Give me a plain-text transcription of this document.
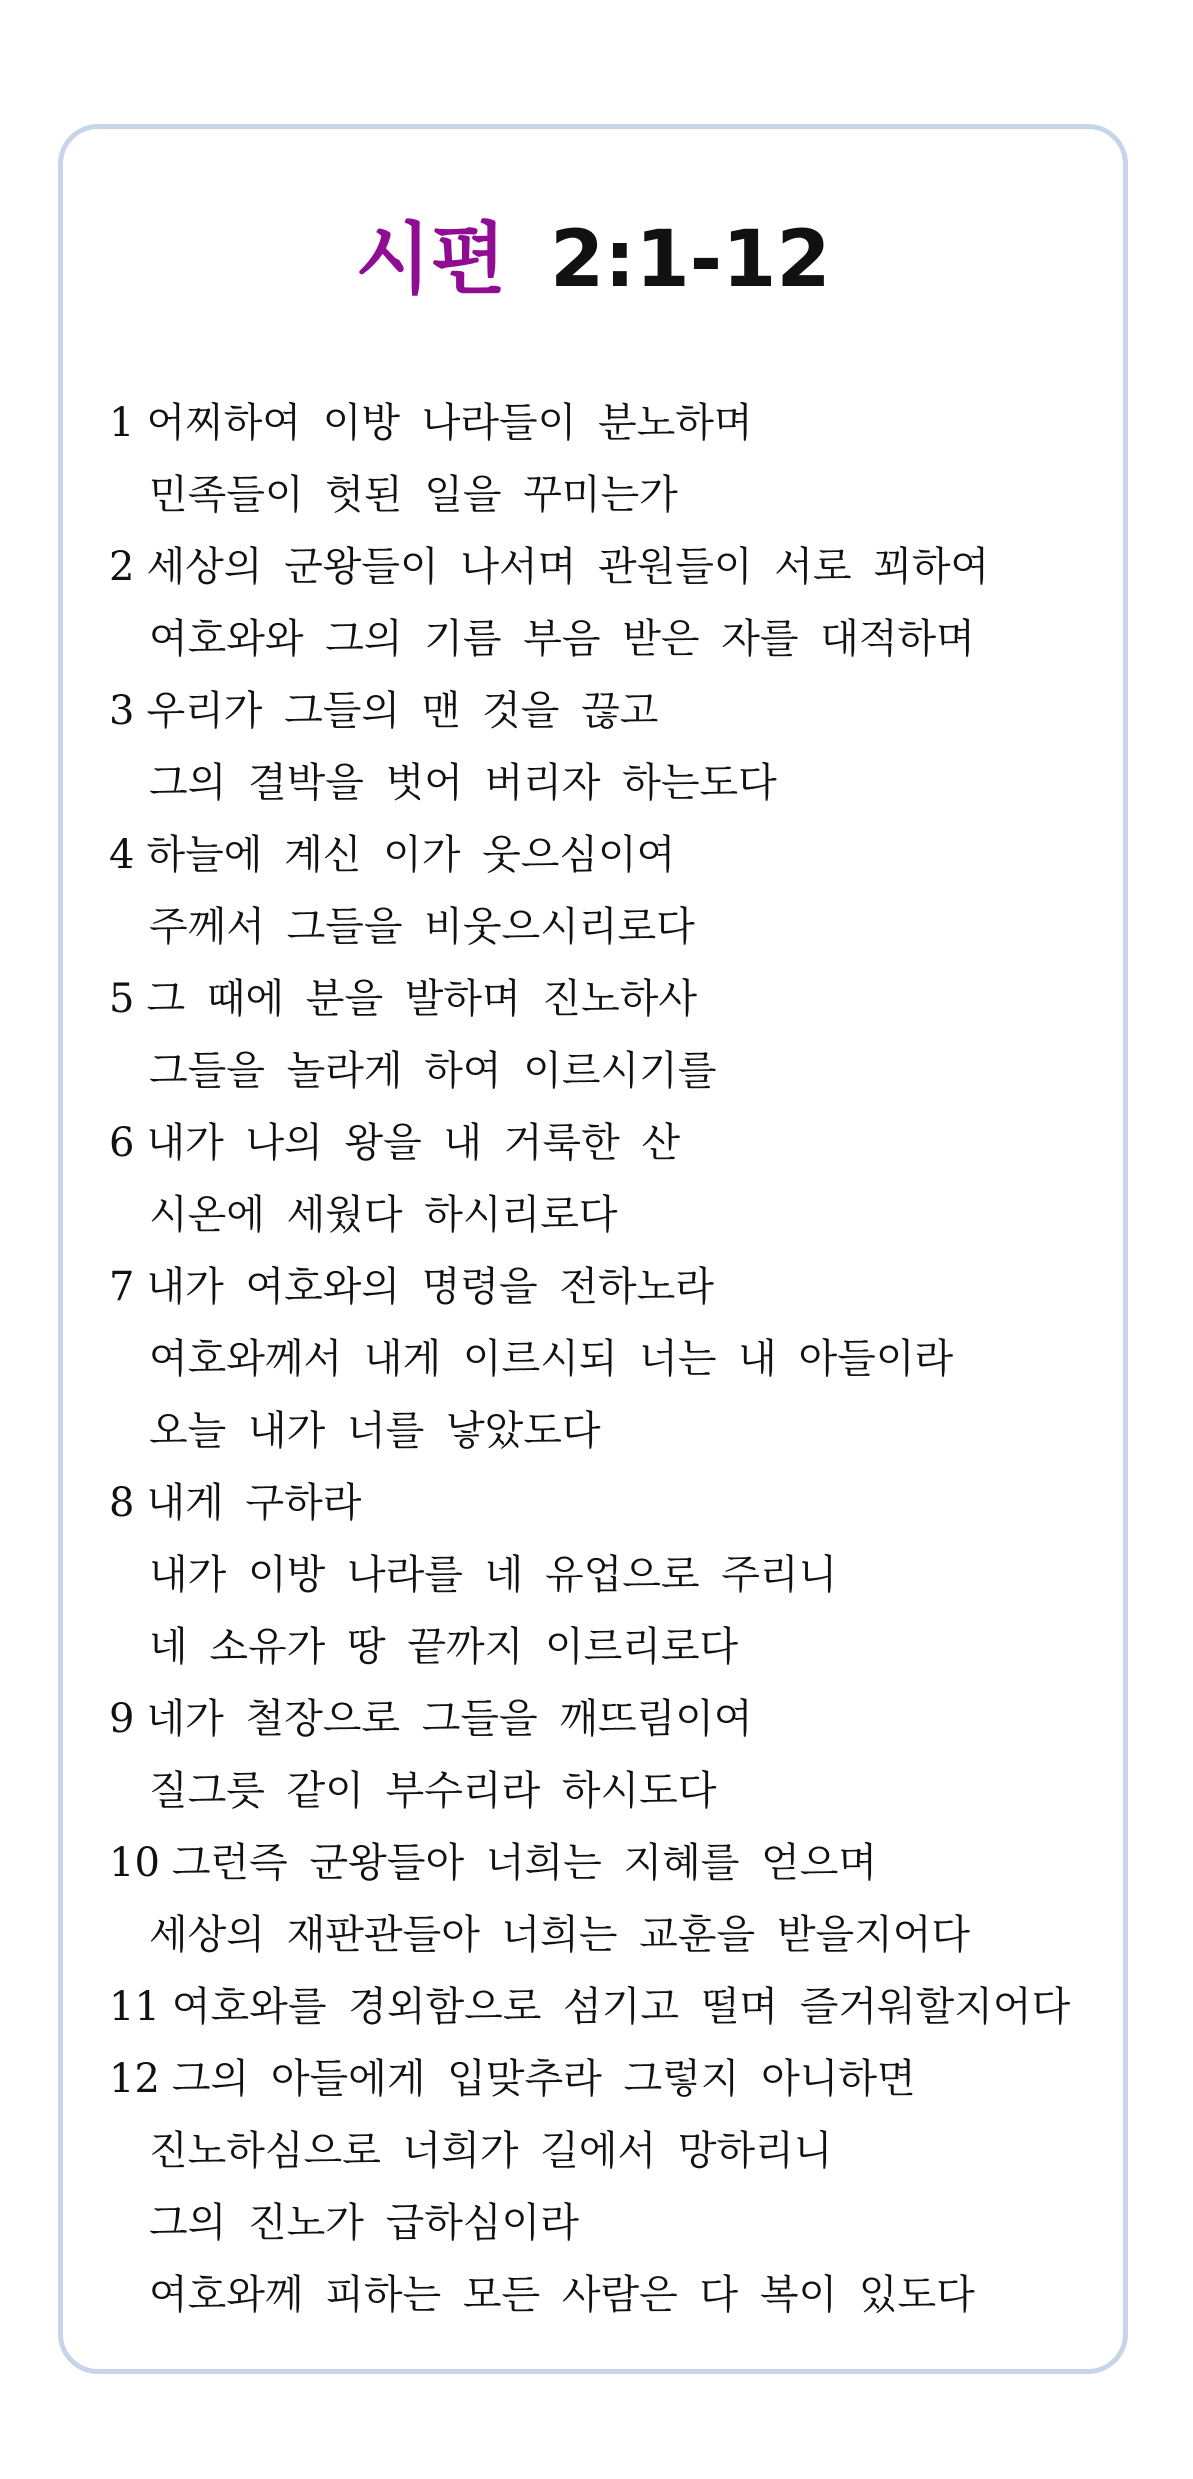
시편 2:1-12
1 어찌하여 이방 나라들이 분노하며
민족들이 헛된 일을 꾸미는가
2 세상의 군왕들이 나서며 관원들이 서로 꾀하여
여호와와 그의 기름 부음 받은 자를 대적하며
3 우리가 그들의 맨 것을 끊고
그의 결박을 벗어 버리자 하는도다
4 하늘에 계신 이가 웃으심이여
주께서 그들을 비웃으시리로다
5 그 때에 분을 발하며 진노하사
그들을 놀라게 하여 이르시기를
6 내가 나의 왕을 내 거룩한 산
시온에 세웠다 하시리로다
7 내가 여호와의 명령을 전하노라
여호와께서 내게 이르시되 너는 내 아들이라
오늘 내가 너를 낳았도다
8 내게 구하라
내가 이방 나라를 네 유업으로 주리니
네 소유가 땅 끝까지 이르리로다
9 네가 철장으로 그들을 깨뜨림이여
질그릇 같이 부수리라 하시도다
10 그런즉 군왕들아 너희는 지혜를 얻으며
세상의 재판관들아 너희는 교훈을 받을지어다
11 여호와를 경외함으로 섬기고 떨며 즐거워할지어다
12 그의 아들에게 입맞추라 그렇지 아니하면
진노하심으로 너희가 길에서 망하리니
그의 진노가 급하심이라
여호와께 피하는 모든 사람은 다 복이 있도다
